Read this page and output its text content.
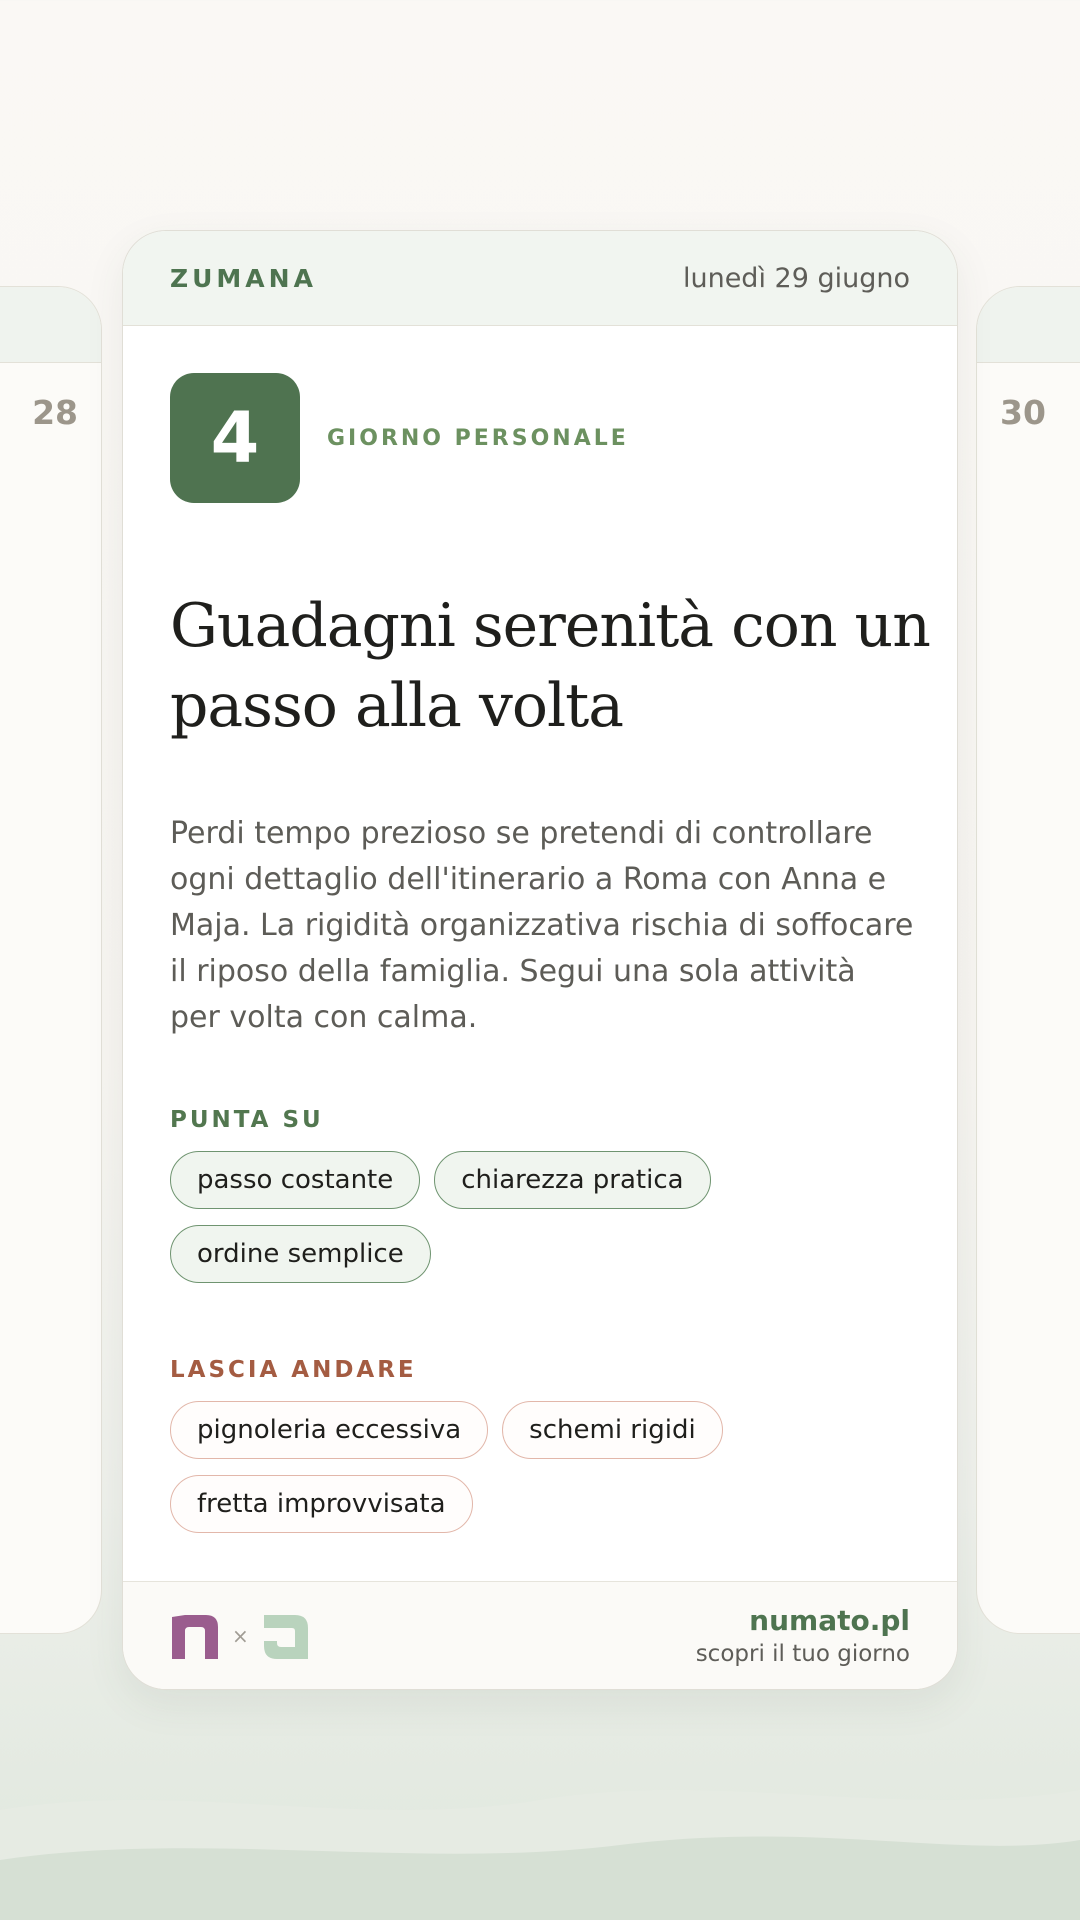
28	30
ZUMANA	lunedì 29 giugno
4	GIORNO PERSONALE
Guadagni serenità con un passo alla volta

Perdi tempo prezioso se pretendi di controllare ogni dettaglio dell'itinerario a Roma con Anna e Maja. La rigidità organizzativa rischia di soffocare il riposo della famiglia. Segui una sola attività per volta con calma.

PUNTA SU
passo costante	chiarezza pratica
ordine semplice
LASCIA ANDARE
pignoleria eccessiva	schemi rigidi
fretta improvvisata
×	numato.pl
scopri il tuo giorno
